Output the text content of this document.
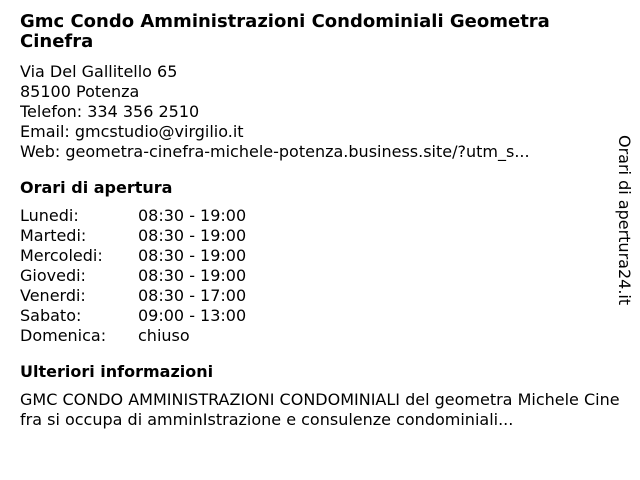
Gmc Condo Amministrazioni Condominiali Geometra Cinefra
Via Del Gallitello 65
85100 Potenza
Telefon: 334 356 2510
Email: gmcstudio@virgilio.it
Web: geometra-cinefra-michele-potenza.business.site/?utm_s...
Orari di apertura
Lunedi:	08:30 - 19:00
Martedi:	08:30 - 19:00
Mercoledi:	08:30 - 19:00
Giovedi:	08:30 - 19:00
Venerdi:	08:30 - 17:00
Sabato:	09:00 - 13:00
Domenica:	chiuso
Ulteriori informazioni
GMC CONDO AMMINISTRAZIONI CONDOMINIALI del geometra Michele Cinefra si occupa di amminIstrazione e consulenze condominiali...
Orari di apertura24.it
